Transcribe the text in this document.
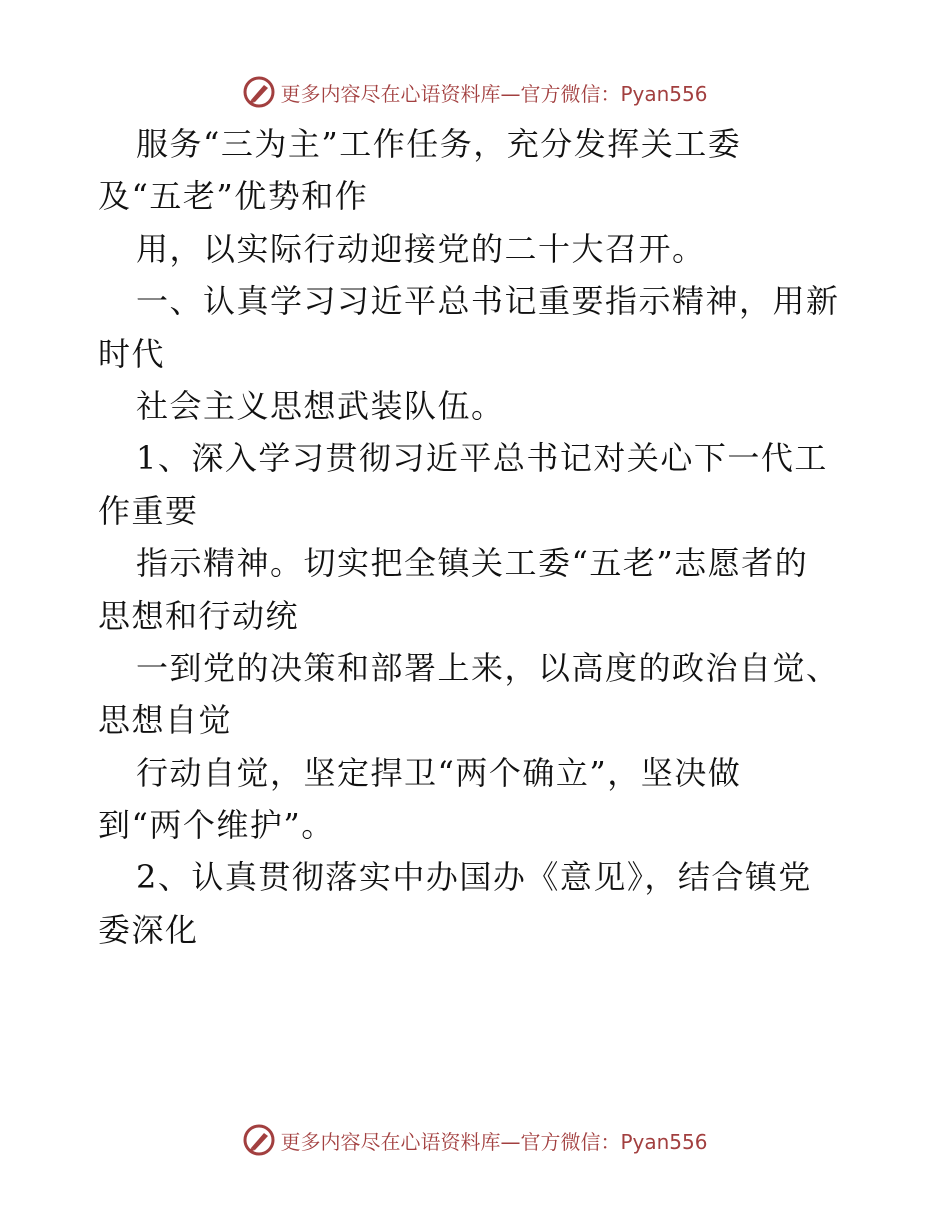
更多内容尽在心语资料库—官方微信：Pyan556
服务“三为主”工作任务，充分发挥关工委
及“五老”优势和作
用，以实际行动迎接党的二十大召开。
一、认真学习习近平总书记重要指示精神，用新
时代
社会主义思想武装队伍。
1、深入学习贯彻习近平总书记对关心下一代工
作重要
指示精神。切实把全镇关工委“五老”志愿者的
思想和行动统
一到党的决策和部署上来，以高度的政治自觉、
思想自觉
行动自觉，坚定捍卫“两个确立”，坚决做
到“两个维护”。
2、认真贯彻落实中办国办《意见》，结合镇党
委深化
更多内容尽在心语资料库—官方微信：Pyan556
